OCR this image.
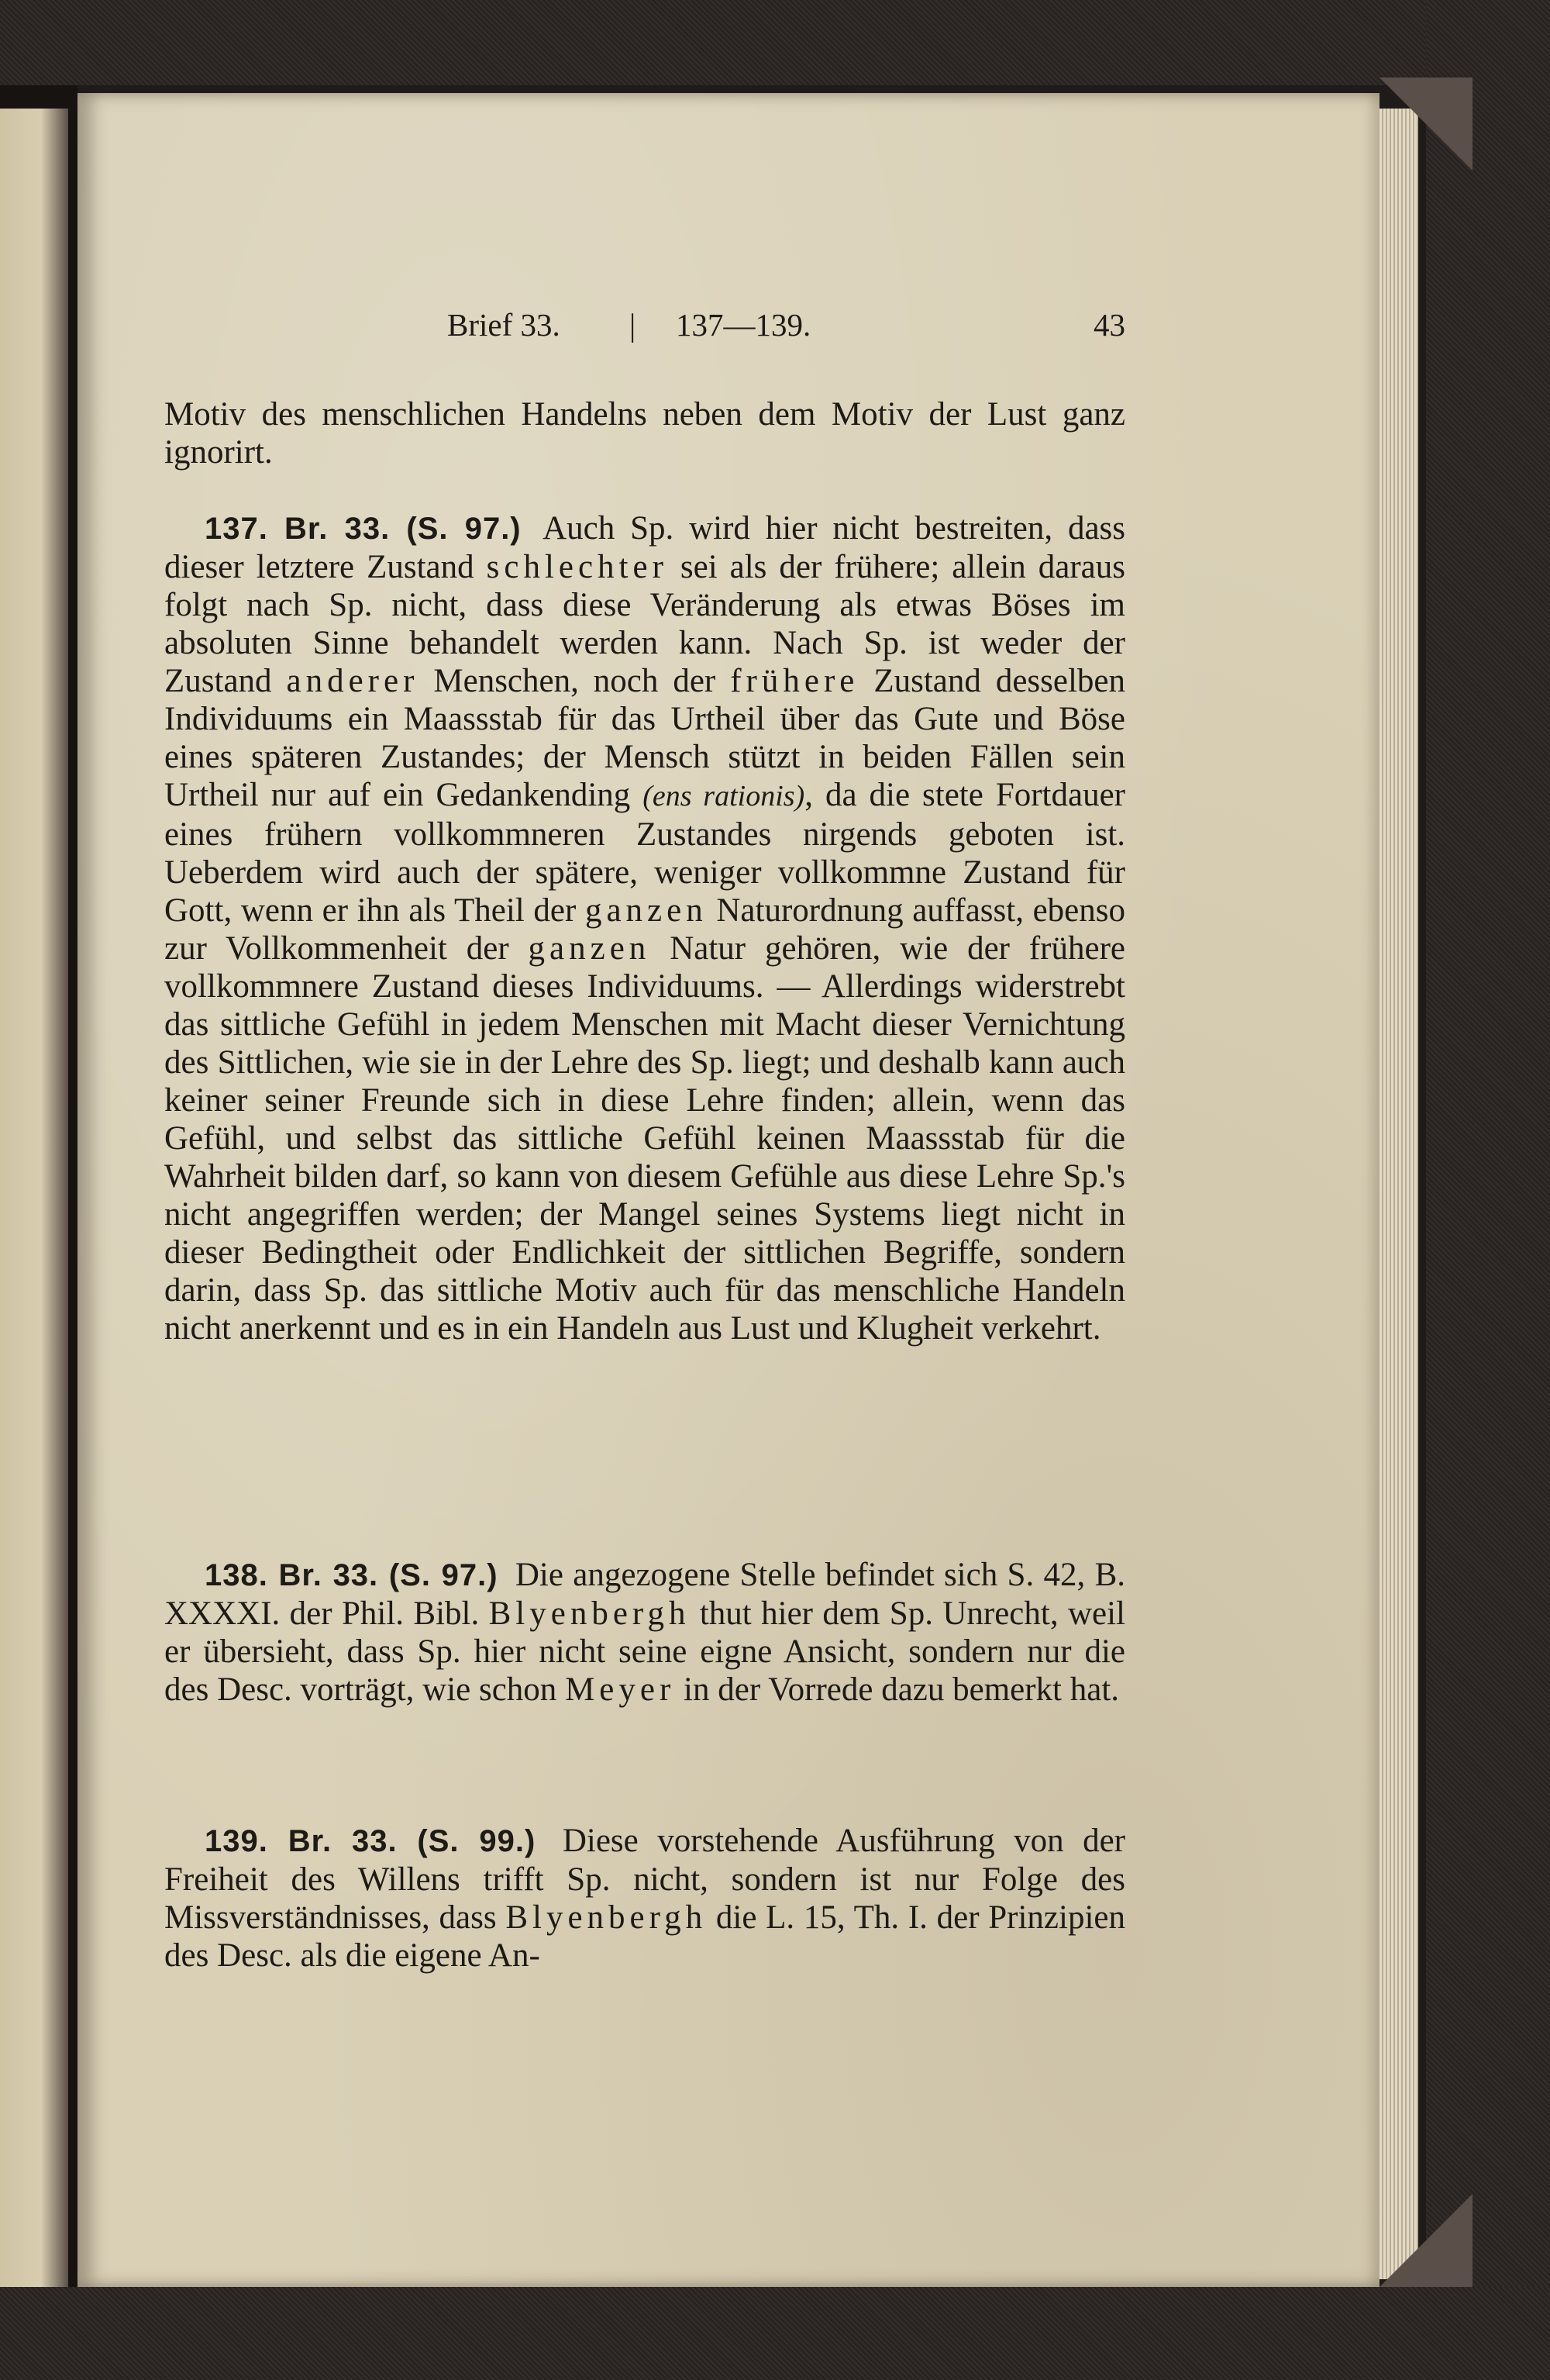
Brief 33. | 137—139.	43

Motiv des menschlichen Handelns neben dem Motiv der Lust ganz ignorirt.

137. Br. 33. (S. 97.) Auch Sp. wird hier nicht bestreiten, dass dieser letztere Zustand schlechter sei als der frühere; allein daraus folgt nach Sp. nicht, dass diese Veränderung als etwas Böses im absoluten Sinne behandelt werden kann. Nach Sp. ist weder der Zustand anderer Menschen, noch der frühere Zustand desselben Individuums ein Maassstab für das Urtheil über das Gute und Böse eines späteren Zustandes; der Mensch stützt in beiden Fällen sein Urtheil nur auf ein Gedankending (ens rationis), da die stete Fortdauer eines frühern vollkommneren Zustandes nirgends geboten ist. Ueberdem wird auch der spätere, weniger vollkommne Zustand für Gott, wenn er ihn als Theil der ganzen Naturordnung auffasst, ebenso zur Vollkommenheit der ganzen Natur gehören, wie der frühere vollkommnere Zustand dieses Individuums. — Allerdings widerstrebt das sittliche Gefühl in jedem Menschen mit Macht dieser Vernichtung des Sittlichen, wie sie in der Lehre des Sp. liegt; und deshalb kann auch keiner seiner Freunde sich in diese Lehre finden; allein, wenn das Gefühl, und selbst das sittliche Gefühl keinen Maassstab für die Wahrheit bilden darf, so kann von diesem Gefühle aus diese Lehre Sp.'s nicht angegriffen werden; der Mangel seines Systems liegt nicht in dieser Bedingtheit oder Endlichkeit der sittlichen Begriffe, sondern darin, dass Sp. das sittliche Motiv auch für das menschliche Handeln nicht anerkennt und es in ein Handeln aus Lust und Klugheit verkehrt.

138. Br. 33. (S. 97.) Die angezogene Stelle befindet sich S. 42, B. XXXXI. der Phil. Bibl. Blyenbergh thut hier dem Sp. Unrecht, weil er übersieht, dass Sp. hier nicht seine eigne Ansicht, sondern nur die des Desc. vorträgt, wie schon Meyer in der Vorrede dazu bemerkt hat.

139. Br. 33. (S. 99.) Diese vorstehende Ausführung von der Freiheit des Willens trifft Sp. nicht, sondern ist nur Folge des Missverständnisses, dass Blyenbergh die L. 15, Th. I. der Prinzipien des Desc. als die eigene An-
